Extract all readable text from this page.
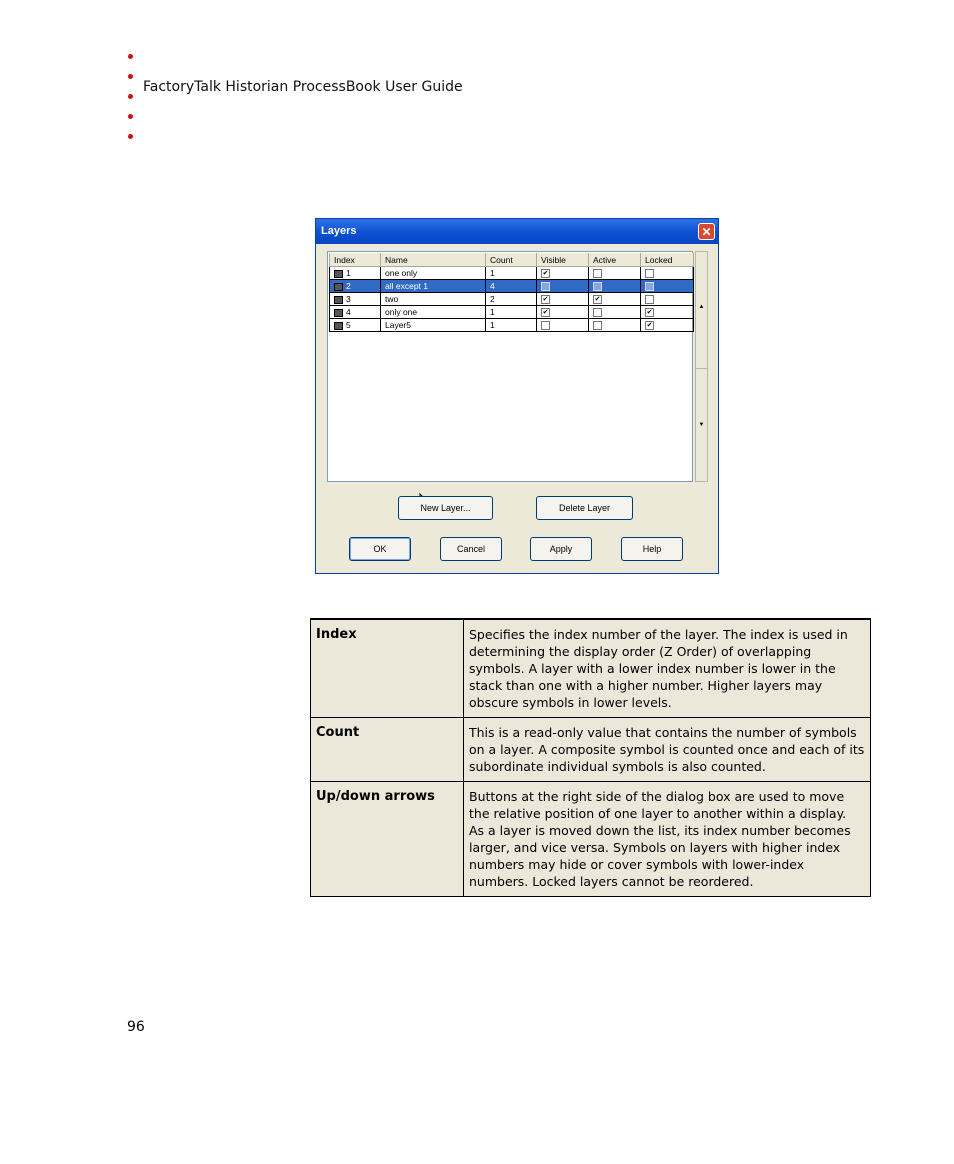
FactoryTalk Historian ProcessBook User Guide
Layers	✕
Index	Name	Count	Visible	Active	Locked
1	one only	1	✔		
2	all except 1	4			
3	two	2	✔	✔	
4	only one	1	✔		✔
5	Layer5	1			✔
▲
▼
New Layer...	Delete Layer
OK	Cancel	Apply	Help
Index	Specifies the index number of the layer. The index is used in determining the display order (Z Order) of overlapping symbols. A layer with a lower index number is lower in the stack than one with a higher number. Higher layers may obscure symbols in lower levels.
Count	This is a read-only value that contains the number of symbols on a layer. A composite symbol is counted once and each of its subordinate individual symbols is also counted.
Up/down arrows	Buttons at the right side of the dialog box are used to move the relative position of one layer to another within a display. As a layer is moved down the list, its index number becomes larger, and vice versa. Symbols on layers with higher index numbers may hide or cover symbols with lower-index numbers. Locked layers cannot be reordered.
96
